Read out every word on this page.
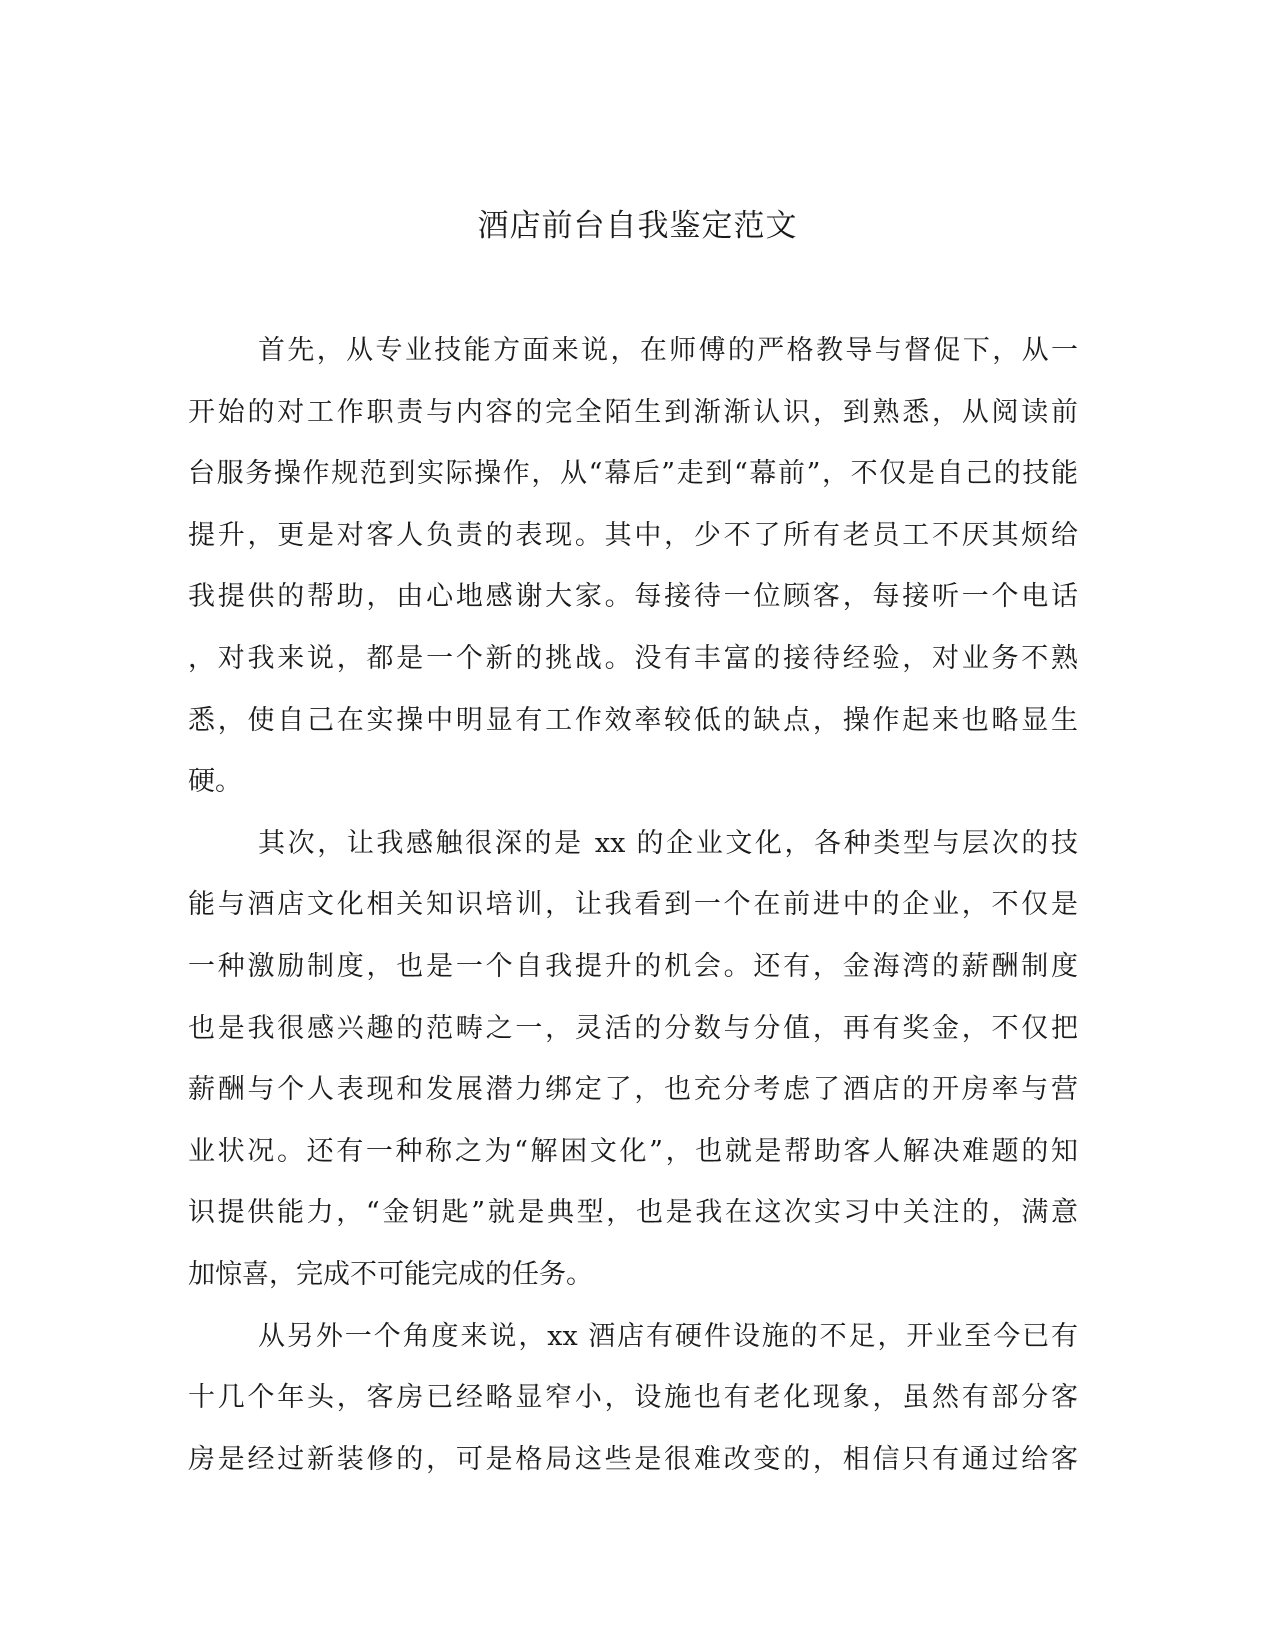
酒店前台自我鉴定范文
首先，从专业技能方面来说，在师傅的严格教导与督促下，从一
开始的对工作职责与内容的完全陌生到渐渐认识，到熟悉，从阅读前
台服务操作规范到实际操作，从“幕后”走到“幕前”，不仅是自己的技能
提升，更是对客人负责的表现。其中，少不了所有老员工不厌其烦给
我提供的帮助，由心地感谢大家。每接待一位顾客，每接听一个电话
，对我来说，都是一个新的挑战。没有丰富的接待经验，对业务不熟
悉，使自己在实操中明显有工作效率较低的缺点，操作起来也略显生
硬。
其次，让我感触很深的是 xx 的企业文化，各种类型与层次的技
能与酒店文化相关知识培训，让我看到一个在前进中的企业，不仅是
一种激励制度，也是一个自我提升的机会。还有，金海湾的薪酬制度
也是我很感兴趣的范畴之一，灵活的分数与分值，再有奖金，不仅把
薪酬与个人表现和发展潜力绑定了，也充分考虑了酒店的开房率与营
业状况。还有一种称之为“解困文化”，也就是帮助客人解决难题的知
识提供能力，“金钥匙”就是典型，也是我在这次实习中关注的，满意
加惊喜，完成不可能完成的任务。
从另外一个角度来说，xx 酒店有硬件设施的不足，开业至今已有
十几个年头，客房已经略显窄小，设施也有老化现象，虽然有部分客
房是经过新装修的，可是格局这些是很难改变的，相信只有通过给客
